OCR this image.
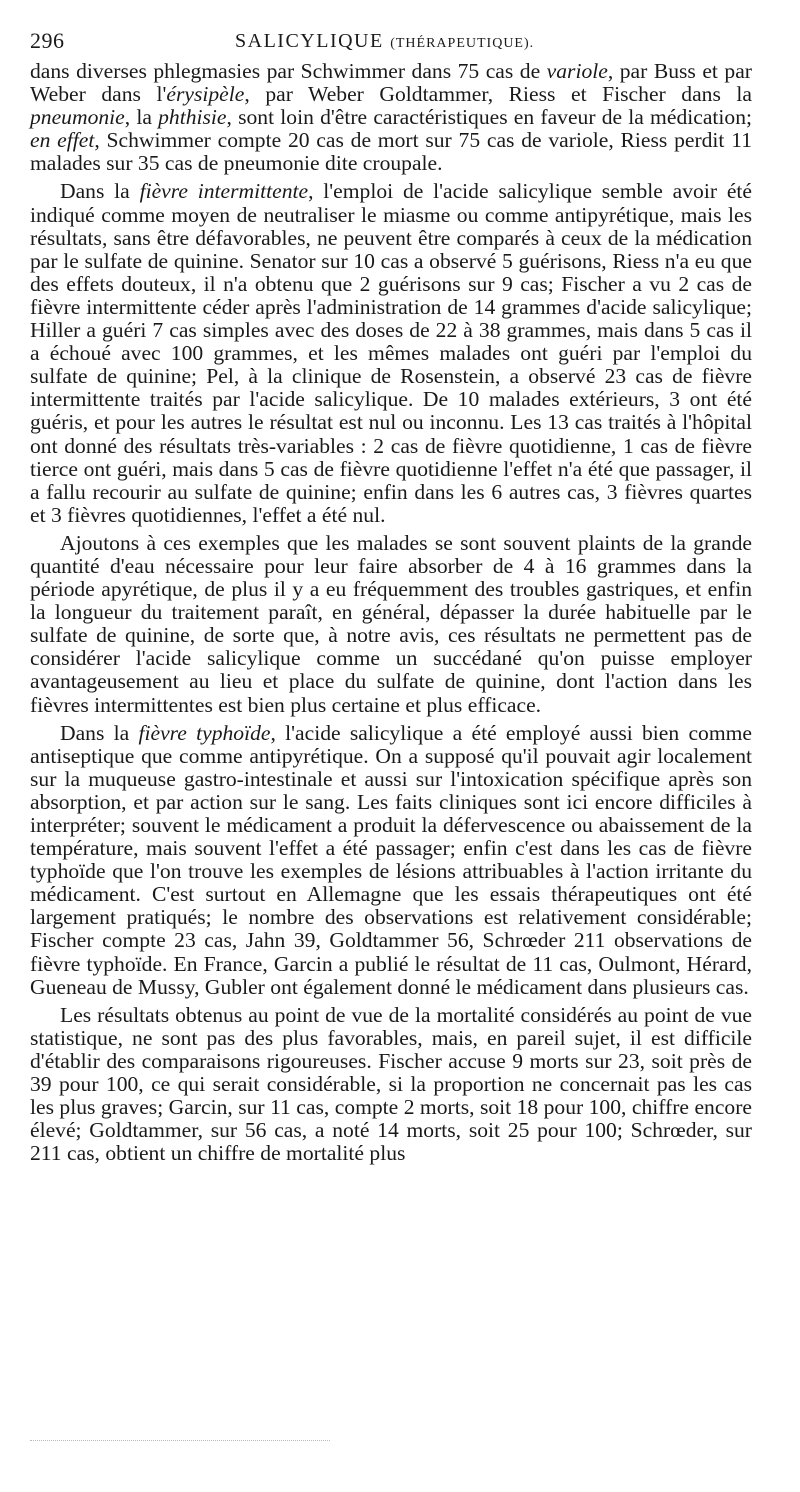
296	SALICYLIQUE (THÉRAPEUTIQUE).

dans diverses phlegmasies par Schwimmer dans 75 cas de variole, par Buss et par Weber dans l'érysipèle, par Weber Goldtammer, Riess et Fischer dans la pneumonie, la phthisie, sont loin d'être caractéristiques en faveur de la médication; en effet, Schwimmer compte 20 cas de mort sur 75 cas de variole, Riess perdit 11 malades sur 35 cas de pneumonie dite croupale.

Dans la fièvre intermittente, l'emploi de l'acide salicylique semble avoir été indiqué comme moyen de neutraliser le miasme ou comme antipyrétique, mais les résultats, sans être défavorables, ne peuvent être comparés à ceux de la médication par le sulfate de quinine. Senator sur 10 cas a observé 5 guérisons, Riess n'a eu que des effets douteux, il n'a obtenu que 2 guérisons sur 9 cas; Fischer a vu 2 cas de fièvre intermittente céder après l'administration de 14 grammes d'acide salicylique; Hiller a guéri 7 cas simples avec des doses de 22 à 38 grammes, mais dans 5 cas il a échoué avec 100 grammes, et les mêmes malades ont guéri par l'emploi du sulfate de quinine; Pel, à la clinique de Rosenstein, a observé 23 cas de fièvre intermittente traités par l'acide salicylique. De 10 malades extérieurs, 3 ont été guéris, et pour les autres le résultat est nul ou inconnu. Les 13 cas traités à l'hôpital ont donné des résultats très-variables : 2 cas de fièvre quotidienne, 1 cas de fièvre tierce ont guéri, mais dans 5 cas de fièvre quotidienne l'effet n'a été que passager, il a fallu recourir au sulfate de quinine; enfin dans les 6 autres cas, 3 fièvres quartes et 3 fièvres quotidiennes, l'effet a été nul.

Ajoutons à ces exemples que les malades se sont souvent plaints de la grande quantité d'eau nécessaire pour leur faire absorber de 4 à 16 grammes dans la période apyrétique, de plus il y a eu fréquemment des troubles gastriques, et enfin la longueur du traitement paraît, en général, dépasser la durée habituelle par le sulfate de quinine, de sorte que, à notre avis, ces résultats ne permettent pas de considérer l'acide salicylique comme un succédané qu'on puisse employer avantageusement au lieu et place du sulfate de quinine, dont l'action dans les fièvres intermittentes est bien plus certaine et plus efficace.

Dans la fièvre typhoïde, l'acide salicylique a été employé aussi bien comme antiseptique que comme antipyrétique. On a supposé qu'il pouvait agir localement sur la muqueuse gastro-intestinale et aussi sur l'intoxication spécifique après son absorption, et par action sur le sang. Les faits cliniques sont ici encore difficiles à interpréter; souvent le médicament a produit la défervescence ou abaissement de la température, mais souvent l'effet a été passager; enfin c'est dans les cas de fièvre typhoïde que l'on trouve les exemples de lésions attribuables à l'action irritante du médicament. C'est surtout en Allemagne que les essais thérapeutiques ont été largement pratiqués; le nombre des observations est relativement considérable; Fischer compte 23 cas, Jahn 39, Goldtammer 56, Schrœder 211 observations de fièvre typhoïde. En France, Garcin a publié le résultat de 11 cas, Oulmont, Hérard, Gueneau de Mussy, Gubler ont également donné le médicament dans plusieurs cas.

Les résultats obtenus au point de vue de la mortalité considérés au point de vue statistique, ne sont pas des plus favorables, mais, en pareil sujet, il est difficile d'établir des comparaisons rigoureuses. Fischer accuse 9 morts sur 23, soit près de 39 pour 100, ce qui serait considérable, si la proportion ne concernait pas les cas les plus graves; Garcin, sur 11 cas, compte 2 morts, soit 18 pour 100, chiffre encore élevé; Goldtammer, sur 56 cas, a noté 14 morts, soit 25 pour 100; Schrœder, sur 211 cas, obtient un chiffre de mortalité plus
